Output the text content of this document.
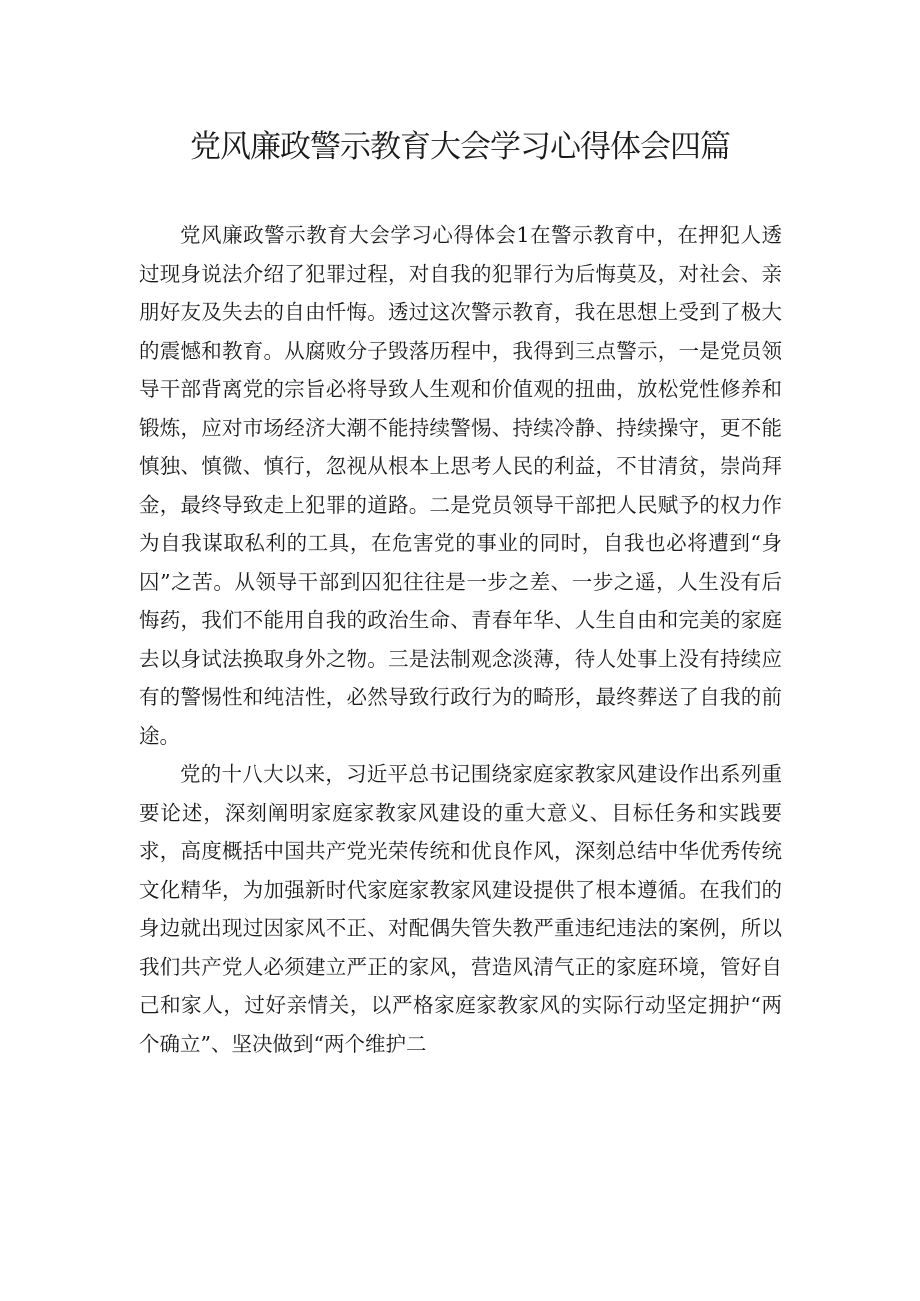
党风廉政警示教育大会学习心得体会四篇

党风廉政警示教育大会学习心得体会1在警示教育中，在押犯人透过现身说法介绍了犯罪过程，对自我的犯罪行为后悔莫及，对社会、亲朋好友及失去的自由忏悔。透过这次警示教育，我在思想上受到了极大的震憾和教育。从腐败分子毁落历程中，我得到三点警示，一是党员领导干部背离党的宗旨必将导致人生观和价值观的扭曲，放松党性修养和锻炼，应对市场经济大潮不能持续警惕、持续冷静、持续操守，更不能慎独、慎微、慎行，忽视从根本上思考人民的利益，不甘清贫，崇尚拜金，最终导致走上犯罪的道路。二是党员领导干部把人民赋予的权力作为自我谋取私利的工具，在危害党的事业的同时，自我也必将遭到“身囚”之苦。从领导干部到囚犯往往是一步之差、一步之遥，人生没有后悔药，我们不能用自我的政治生命、青春年华、人生自由和完美的家庭去以身试法换取身外之物。三是法制观念淡薄，待人处事上没有持续应有的警惕性和纯洁性，必然导致行政行为的畸形，最终葬送了自我的前途。

党的十八大以来，习近平总书记围绕家庭家教家风建设作出系列重要论述，深刻阐明家庭家教家风建设的重大意义、目标任务和实践要求，高度概括中国共产党光荣传统和优良作风，深刻总结中华优秀传统文化精华，为加强新时代家庭家教家风建设提供了根本遵循。在我们的身边就出现过因家风不正、对配偶失管失教严重违纪违法的案例，所以我们共产党人必须建立严正的家风，营造风清气正的家庭环境，管好自己和家人，过好亲情关，以严格家庭家教家风的实际行动坚定拥护“两个确立”、坚决做到“两个维护二
